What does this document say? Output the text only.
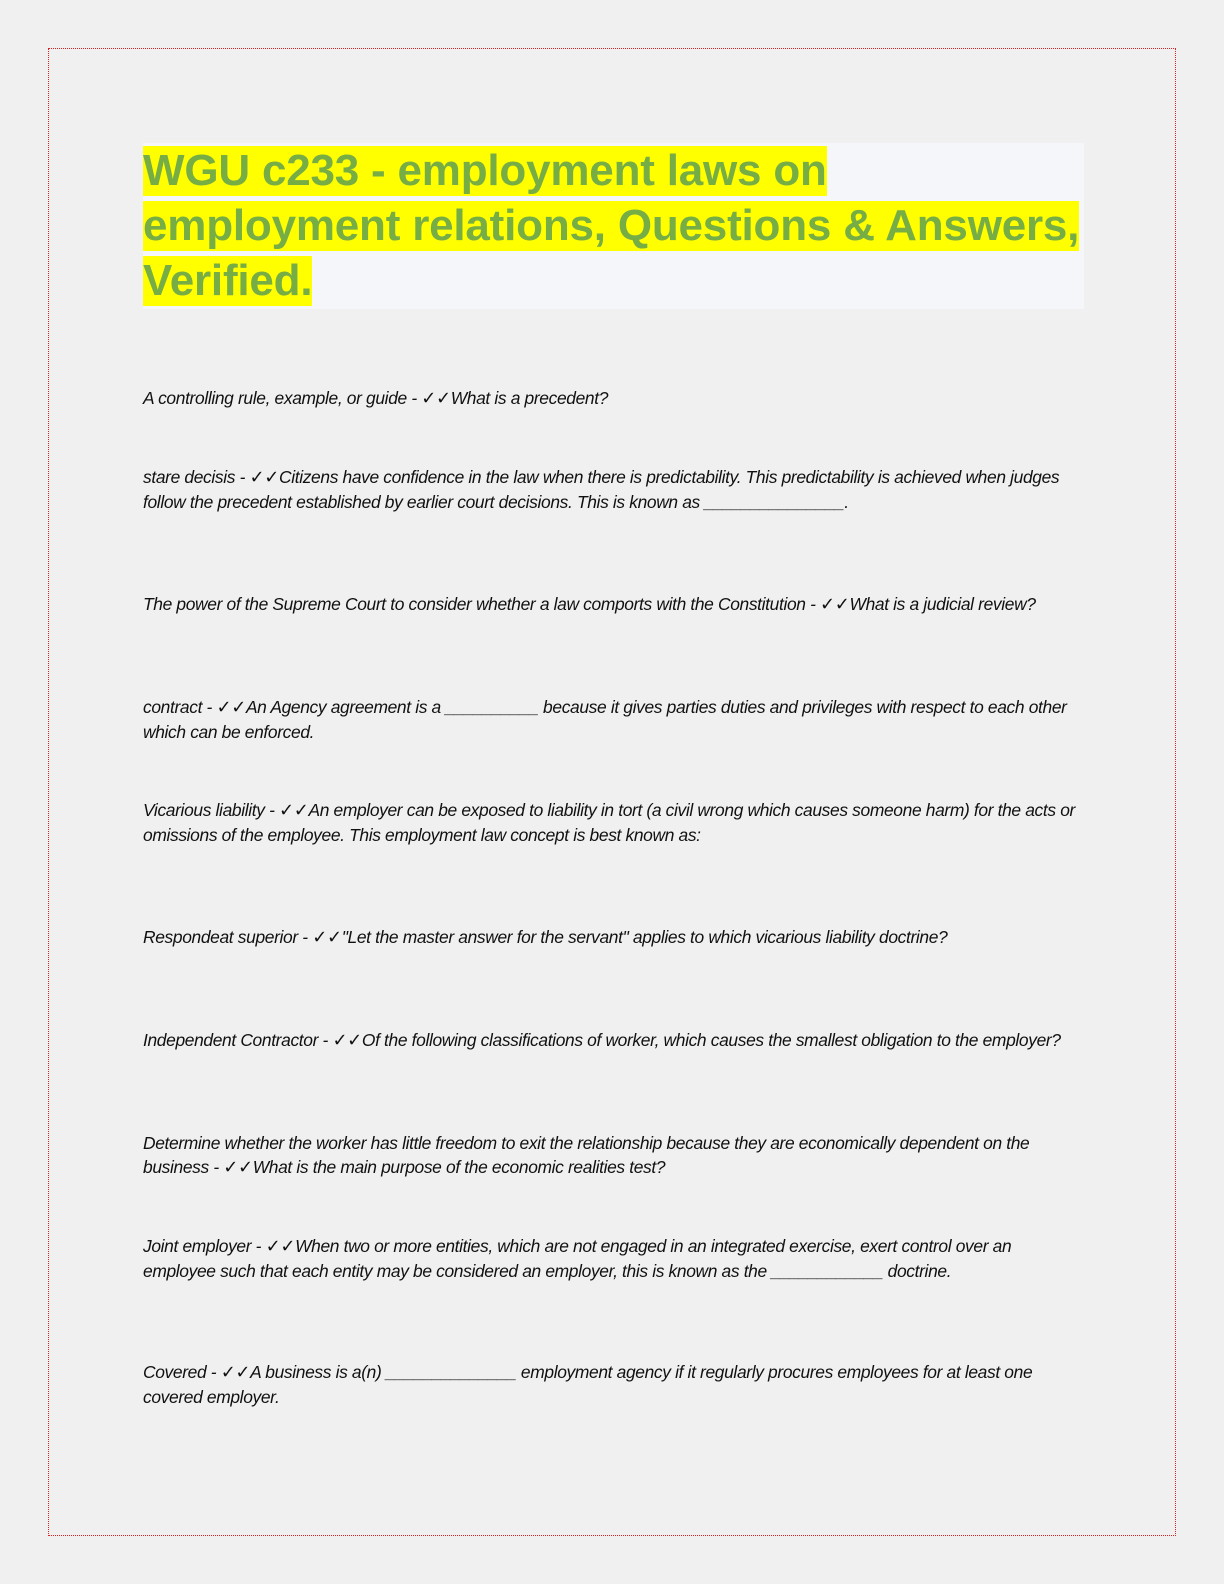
WGU c233 - employment laws on employment relations, Questions & Answers, Verified.

A controlling rule, example, or guide - ✓✓What is a precedent?

stare decisis - ✓✓Citizens have confidence in the law when there is predictability. This predictability is achieved when judges follow the precedent established by earlier court decisions. This is known as _______________.

The power of the Supreme Court to consider whether a law comports with the Constitution - ✓✓What is a judicial review?

contract - ✓✓An Agency agreement is a __________ because it gives parties duties and privileges with respect to each other which can be enforced.

Vicarious liability - ✓✓An employer can be exposed to liability in tort (a civil wrong which causes someone harm) for the acts or omissions of the employee. This employment law concept is best known as:

Respondeat superior - ✓✓"Let the master answer for the servant" applies to which vicarious liability doctrine?

Independent Contractor - ✓✓Of the following classifications of worker, which causes the smallest obligation to the employer?

Determine whether the worker has little freedom to exit the relationship because they are economically dependent on the business - ✓✓What is the main purpose of the economic realities test?

Joint employer - ✓✓When two or more entities, which are not engaged in an integrated exercise, exert control over an employee such that each entity may be considered an employer, this is known as the ____________ doctrine.

Covered - ✓✓A business is a(n) ______________ employment agency if it regularly procures employees for at least one covered employer.
